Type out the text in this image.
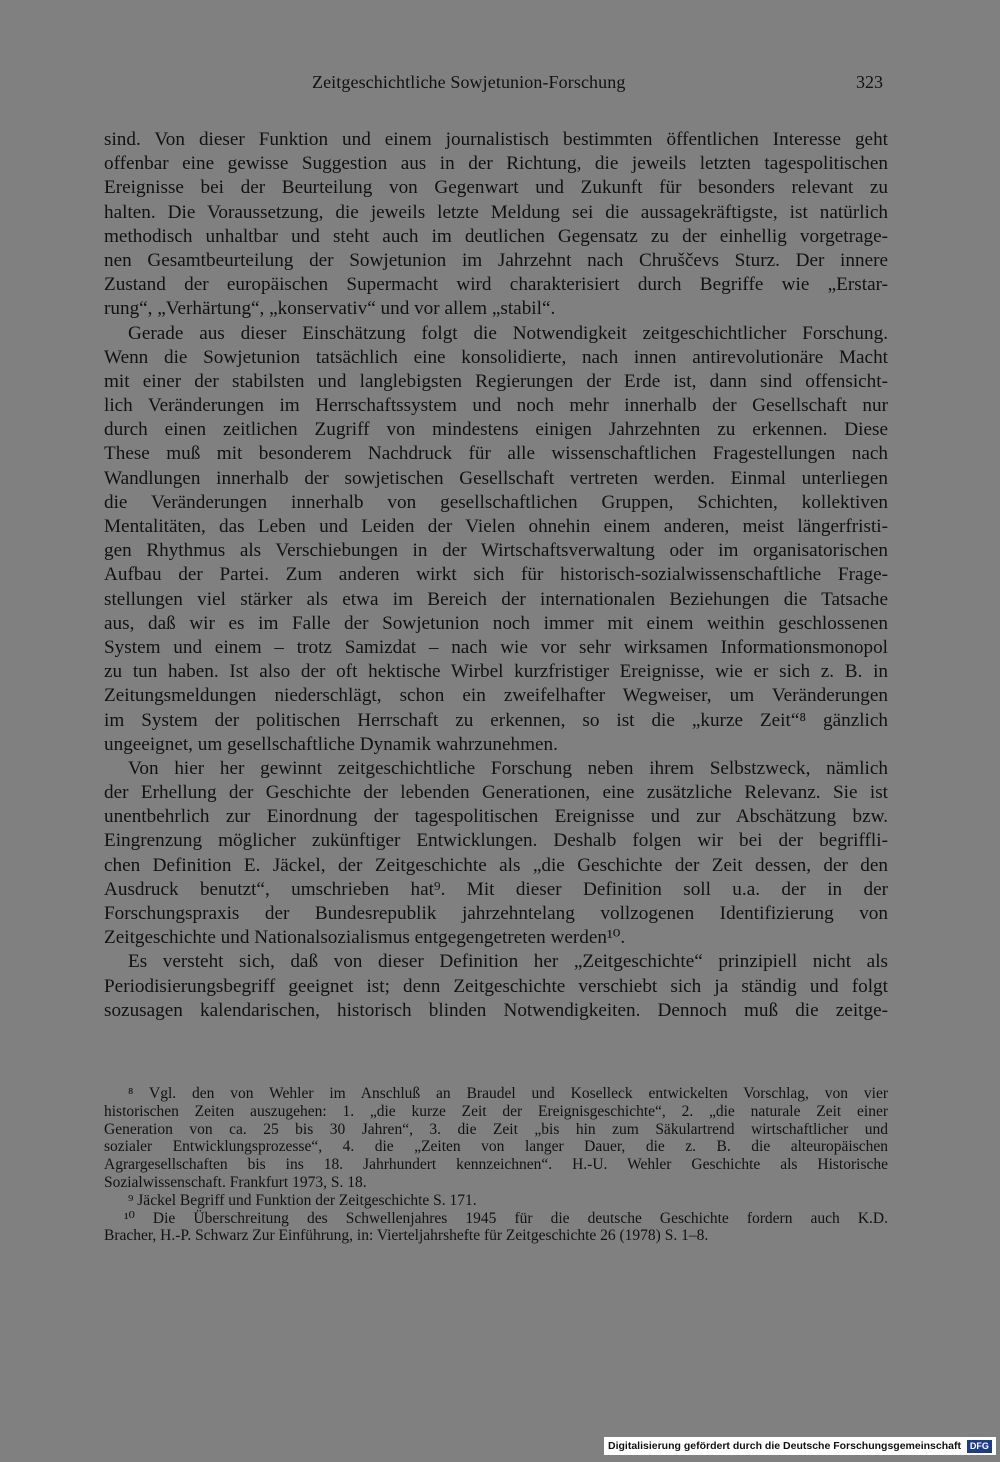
Zeitgeschichtliche Sowjetunion-Forschung	323
sind. Von dieser Funktion und einem journalistisch bestimmten öffentlichen Interesse geht
offenbar eine gewisse Suggestion aus in der Richtung, die jeweils letzten tagespolitischen
Ereignisse bei der Beurteilung von Gegenwart und Zukunft für besonders relevant zu
halten. Die Voraussetzung, die jeweils letzte Meldung sei die aussagekräftigste, ist natürlich
methodisch unhaltbar und steht auch im deutlichen Gegensatz zu der einhellig vorgetrage-
nen Gesamtbeurteilung der Sowjetunion im Jahrzehnt nach Chruščevs Sturz. Der innere
Zustand der europäischen Supermacht wird charakterisiert durch Begriffe wie „Erstar-
rung“, „Verhärtung“, „konservativ“ und vor allem „stabil“.
Gerade aus dieser Einschätzung folgt die Notwendigkeit zeitgeschichtlicher Forschung.
Wenn die Sowjetunion tatsächlich eine konsolidierte, nach innen antirevolutionäre Macht
mit einer der stabilsten und langlebigsten Regierungen der Erde ist, dann sind offensicht-
lich Veränderungen im Herrschaftssystem und noch mehr innerhalb der Gesellschaft nur
durch einen zeitlichen Zugriff von mindestens einigen Jahrzehnten zu erkennen. Diese
These muß mit besonderem Nachdruck für alle wissenschaftlichen Fragestellungen nach
Wandlungen innerhalb der sowjetischen Gesellschaft vertreten werden. Einmal unterliegen
die Veränderungen innerhalb von gesellschaftlichen Gruppen, Schichten, kollektiven
Mentalitäten, das Leben und Leiden der Vielen ohnehin einem anderen, meist längerfristi-
gen Rhythmus als Verschiebungen in der Wirtschaftsverwaltung oder im organisatorischen
Aufbau der Partei. Zum anderen wirkt sich für historisch-sozialwissenschaftliche Frage-
stellungen viel stärker als etwa im Bereich der internationalen Beziehungen die Tatsache
aus, daß wir es im Falle der Sowjetunion noch immer mit einem weithin geschlossenen
System und einem – trotz Samizdat – nach wie vor sehr wirksamen Informationsmonopol
zu tun haben. Ist also der oft hektische Wirbel kurzfristiger Ereignisse, wie er sich z. B. in
Zeitungsmeldungen niederschlägt, schon ein zweifelhafter Wegweiser, um Veränderungen
im System der politischen Herrschaft zu erkennen, so ist die „kurze Zeit“⁸ gänzlich
ungeeignet, um gesellschaftliche Dynamik wahrzunehmen.
Von hier her gewinnt zeitgeschichtliche Forschung neben ihrem Selbstzweck, nämlich
der Erhellung der Geschichte der lebenden Generationen, eine zusätzliche Relevanz. Sie ist
unentbehrlich zur Einordnung der tagespolitischen Ereignisse und zur Abschätzung bzw.
Eingrenzung möglicher zukünftiger Entwicklungen. Deshalb folgen wir bei der begriffli-
chen Definition E. Jäckel, der Zeitgeschichte als „die Geschichte der Zeit dessen, der den
Ausdruck benutzt“, umschrieben hat⁹. Mit dieser Definition soll u.a. der in der
Forschungspraxis der Bundesrepublik jahrzehntelang vollzogenen Identifizierung von
Zeitgeschichte und Nationalsozialismus entgegengetreten werden¹⁰.
Es versteht sich, daß von dieser Definition her „Zeitgeschichte“ prinzipiell nicht als
Periodisierungsbegriff geeignet ist; denn Zeitgeschichte verschiebt sich ja ständig und folgt
sozusagen kalendarischen, historisch blinden Notwendigkeiten. Dennoch muß die zeitge-
⁸ Vgl. den von Wehler im Anschluß an Braudel und Koselleck entwickelten Vorschlag, von vier
historischen Zeiten auszugehen: 1. „die kurze Zeit der Ereignisgeschichte“, 2. „die naturale Zeit einer
Generation von ca. 25 bis 30 Jahren“, 3. die Zeit „bis hin zum Säkulartrend wirtschaftlicher und
sozialer Entwicklungsprozesse“, 4. die „Zeiten von langer Dauer, die z. B. die alteuropäischen
Agrargesellschaften bis ins 18. Jahrhundert kennzeichnen“. H.-U. Wehler Geschichte als Historische
Sozialwissenschaft. Frankfurt 1973, S. 18.
⁹ Jäckel Begriff und Funktion der Zeitgeschichte S. 171.
¹⁰ Die Überschreitung des Schwellenjahres 1945 für die deutsche Geschichte fordern auch K.D.
Bracher, H.-P. Schwarz Zur Einführung, in: Vierteljahrshefte für Zeitgeschichte 26 (1978) S. 1–8.
Digitalisierung gefördert durch die Deutsche Forschungsgemeinschaft DFG
